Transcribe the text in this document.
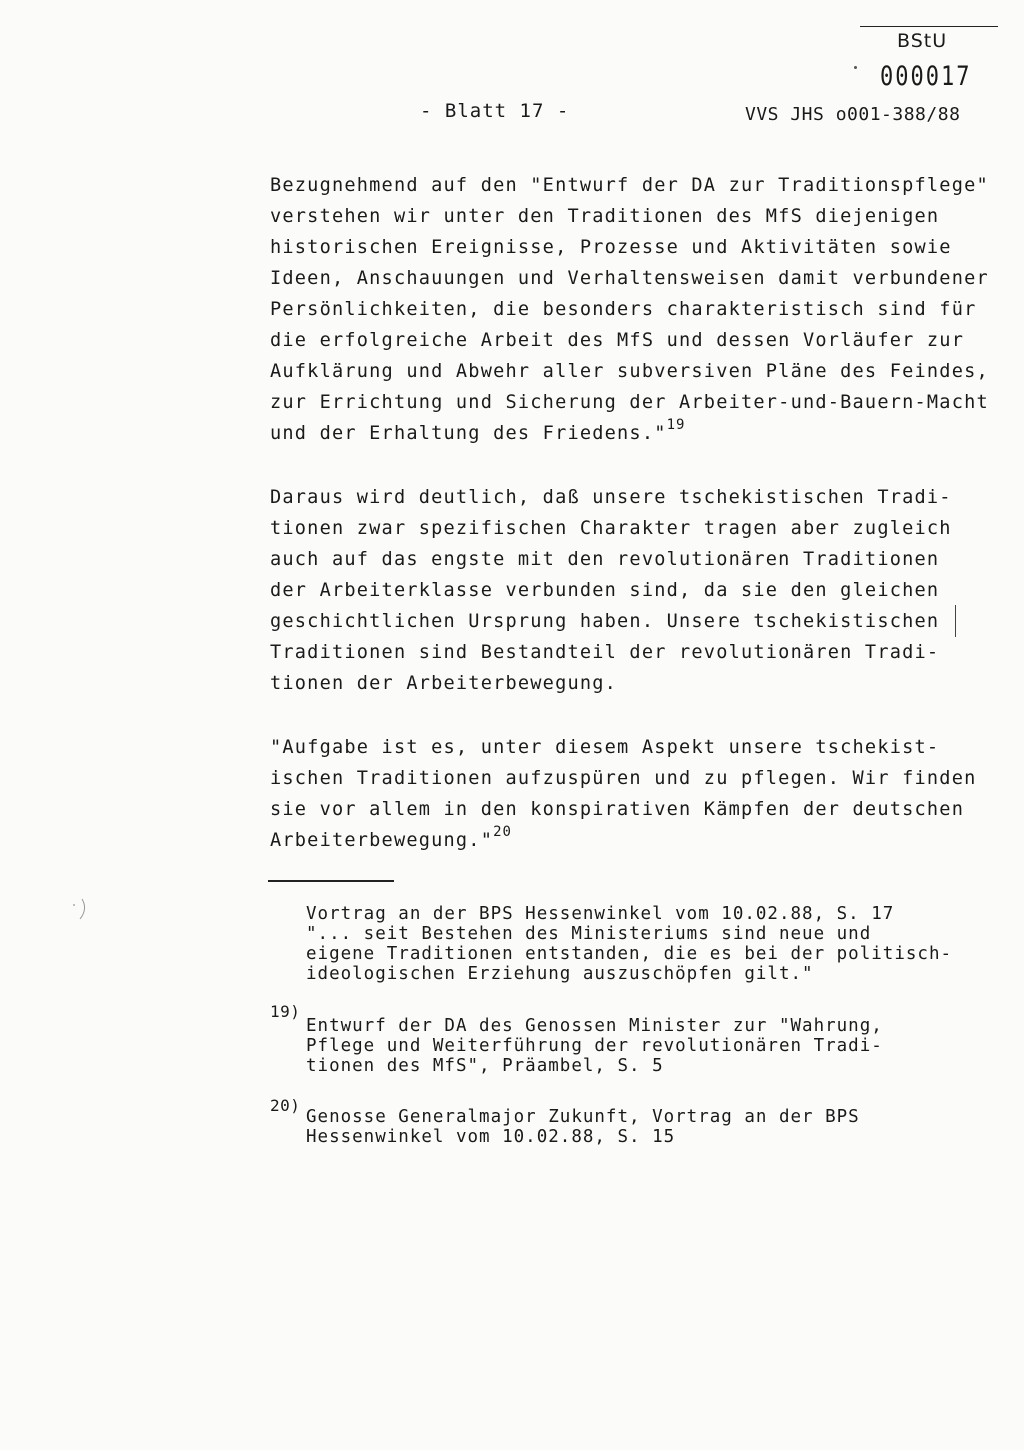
BStU
000017
- Blatt 17 -	VVS JHS o001-388/88
Bezugnehmend auf den "Entwurf der DA zur Traditionspflege"
verstehen wir unter den Traditionen des MfS diejenigen
historischen Ereignisse, Prozesse und Aktivitäten sowie
Ideen, Anschauungen und Verhaltensweisen damit verbundener
Persönlichkeiten, die besonders charakteristisch sind für
die erfolgreiche Arbeit des MfS und dessen Vorläufer zur
Aufklärung und Abwehr aller subversiven Pläne des Feindes,
zur Errichtung und Sicherung der Arbeiter-und-Bauern-Macht
und der Erhaltung des Friedens."$^{19}$
Daraus wird deutlich, daß unsere tschekistischen Tradi-
tionen zwar spezifischen Charakter tragen aber zugleich
auch auf das engste mit den revolutionären Traditionen
der Arbeiterklasse verbunden sind, da sie den gleichen
geschichtlichen Ursprung haben. Unsere tschekistischen
Traditionen sind Bestandteil der revolutionären Tradi-
tionen der Arbeiterbewegung.
"Aufgabe ist es, unter diesem Aspekt unsere tschekist-
ischen Traditionen aufzuspüren und zu pflegen. Wir finden
sie vor allem in den konspirativen Kämpfen der deutschen
Arbeiterbewegung."$^{20}$
Vortrag an der BPS Hessenwinkel vom 10.02.88, S. 17
"... seit Bestehen des Ministeriums sind neue und
eigene Traditionen entstanden, die es bei der politisch-
ideologischen Erziehung auszuschöpfen gilt."
19)
Entwurf der DA des Genossen Minister zur "Wahrung,
Pflege und Weiterführung der revolutionären Tradi-
tionen des MfS", Präambel, S. 5
20)
Genosse Generalmajor Zukunft, Vortrag an der BPS
Hessenwinkel vom 10.02.88, S. 15
